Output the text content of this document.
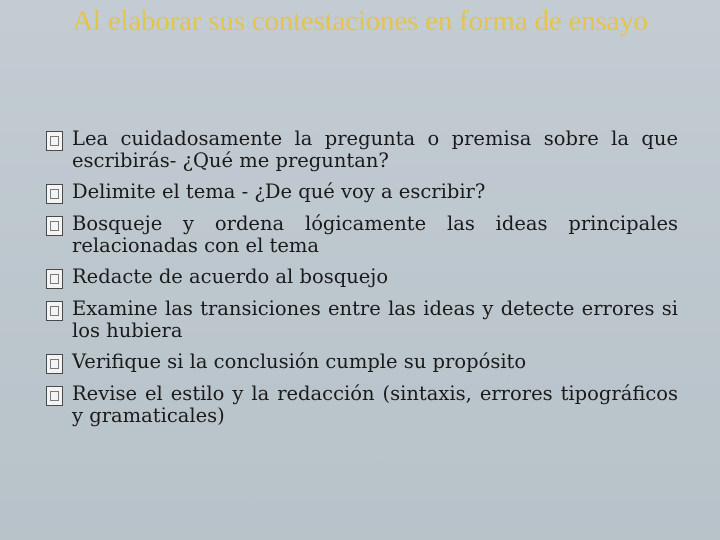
Al elaborar sus contestaciones en forma de ensayo
Lea cuidadosamente la pregunta o premisa sobre la que escribirás- ¿Qué me preguntan?
Delimite el tema - ¿De qué voy a escribir?
Bosqueje y ordena lógicamente las ideas principales relacionadas con el tema
Redacte de acuerdo al bosquejo
Examine las transiciones entre las ideas y detecte errores si los hubiera
Verifique si la conclusión cumple su propósito
Revise el estilo y la redacción (sintaxis, errores tipográficos y gramaticales)
